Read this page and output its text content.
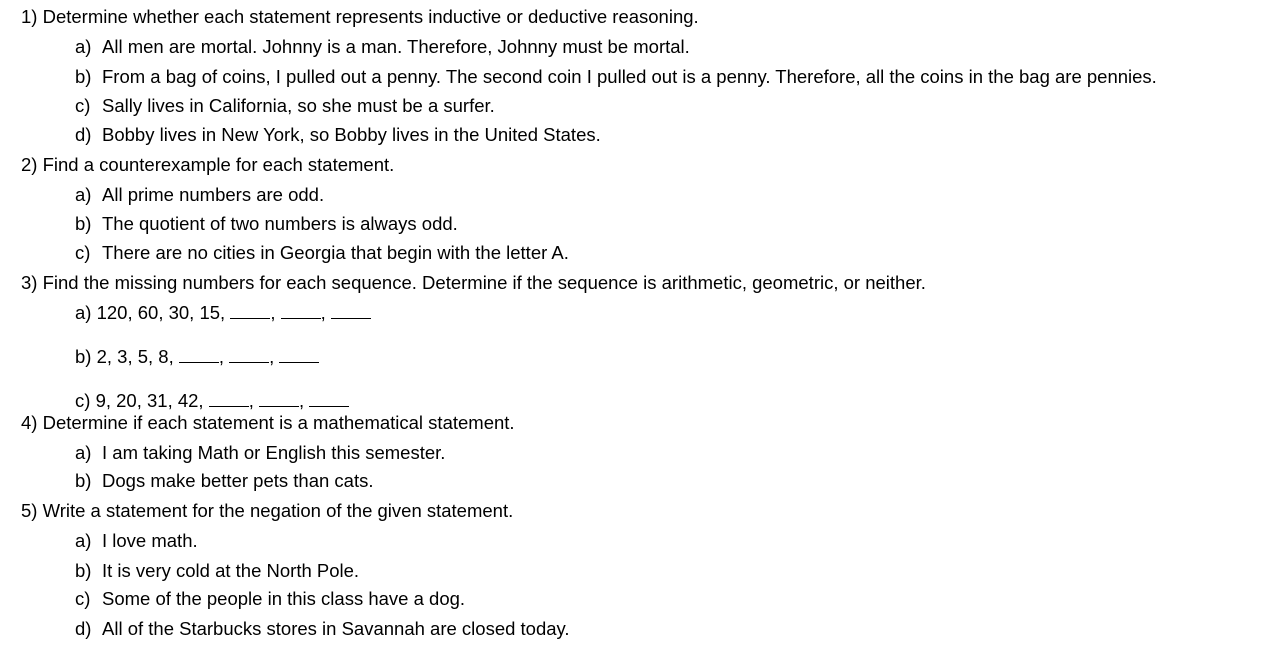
1) Determine whether each statement represents inductive or deductive reasoning.
a) All men are mortal. Johnny is a man. Therefore, Johnny must be mortal.
b) From a bag of coins, I pulled out a penny. The second coin I pulled out is a penny. Therefore, all the coins in the bag are pennies.
c) Sally lives in California, so she must be a surfer.
d) Bobby lives in New York, so Bobby lives in the United States.
2) Find a counterexample for each statement.
a) All prime numbers are odd.
b) The quotient of two numbers is always odd.
c) There are no cities in Georgia that begin with the letter A.
3) Find the missing numbers for each sequence. Determine if the sequence is arithmetic, geometric, or neither.
a) 120, 60, 30, 15, , ,
b) 2, 3, 5, 8, , ,
c) 9, 20, 31, 42, , ,
4) Determine if each statement is a mathematical statement.
a) I am taking Math or English this semester.
b) Dogs make better pets than cats.
5) Write a statement for the negation of the given statement.
a) I love math.
b) It is very cold at the North Pole.
c) Some of the people in this class have a dog.
d) All of the Starbucks stores in Savannah are closed today.
